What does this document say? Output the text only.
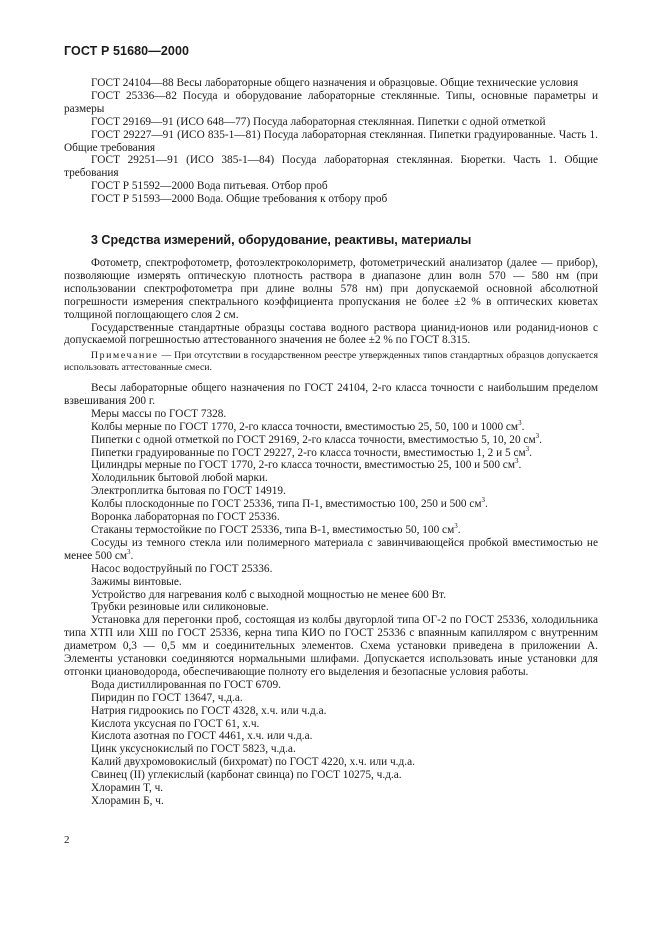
ГОСТ Р 51680—2000

ГОСТ 24104—88 Весы лабораторные общего назначения и образцовые. Общие технические условия

ГОСТ 25336—82 Посуда и оборудование лабораторные стеклянные. Типы, основные параметры и размеры

ГОСТ 29169—91 (ИСО 648—77) Посуда лабораторная стеклянная. Пипетки с одной отметкой

ГОСТ 29227—91 (ИСО 835-1—81) Посуда лабораторная стеклянная. Пипетки градуированные. Часть 1. Общие требования

ГОСТ 29251—91 (ИСО 385-1—84) Посуда лабораторная стеклянная. Бюретки. Часть 1. Общие требования

ГОСТ Р 51592—2000 Вода питьевая. Отбор проб

ГОСТ Р 51593—2000 Вода. Общие требования к отбору проб

3 Средства измерений, оборудование, реактивы, материалы

Фотометр, спектрофотометр, фотоэлектроколориметр, фотометрический анализатор (далее — прибор), позволяющие измерять оптическую плотность раствора в диапазоне длин волн 570 — 580 нм (при использовании спектрофотометра при длине волны 578 нм) при допускаемой основной абсолютной погрешности измерения спектрального коэффициента пропускания не более ±2 % в оптических кюветах толщиной поглощающего слоя 2 см.

Государственные стандартные образцы состава водного раствора цианид-ионов или роданид-ионов с допускаемой погрешностью аттестованного значения не более ±2 % по ГОСТ 8.315.

Примечание — При отсутствии в государственном реестре утвержденных типов стандартных образцов допускается использовать аттестованные смеси.

Весы лабораторные общего назначения по ГОСТ 24104, 2-го класса точности с наибольшим пределом взвешивания 200 г.

Меры массы по ГОСТ 7328.

Колбы мерные по ГОСТ 1770, 2-го класса точности, вместимостью 25, 50, 100 и 1000 $см^3$.

Пипетки с одной отметкой по ГОСТ 29169, 2-го класса точности, вместимостью 5, 10, 20 $см^3$.

Пипетки градуированные по ГОСТ 29227, 2-го класса точности, вместимостью 1, 2 и 5 $см^3$.

Цилиндры мерные по ГОСТ 1770, 2-го класса точности, вместимостью 25, 100 и 500 $см^3$.

Холодильник бытовой любой марки.

Электроплитка бытовая по ГОСТ 14919.

Колбы плоскодонные по ГОСТ 25336, типа П-1, вместимостью 100, 250 и 500 $см^3$.

Воронка лабораторная по ГОСТ 25336.

Стаканы термостойкие по ГОСТ 25336, типа В-1, вместимостью 50, 100 $см^3$.

Сосуды из темного стекла или полимерного материала с завинчивающейся пробкой вместимостью не менее 500 $см^3$.

Насос водоструйный по ГОСТ 25336.

Зажимы винтовые.

Устройство для нагревания колб с выходной мощностью не менее 600 Вт.

Трубки резиновые или силиконовые.

Установка для перегонки проб, состоящая из колбы двугорлой типа ОГ-2 по ГОСТ 25336, холодильника типа ХТП или ХШ по ГОСТ 25336, керна типа КИО по ГОСТ 25336 с впаянным капилляром с внутренним диаметром 0,3 — 0,5 мм и соединительных элементов. Схема установки приведена в приложении А. Элементы установки соединяются нормальными шлифами. Допускается использовать иные установки для отгонки циановодорода, обеспечивающие полноту его выделения и безопасные условия работы.

Вода дистиллированная по ГОСТ 6709.

Пиридин по ГОСТ 13647, ч.д.а.

Натрия гидроокись по ГОСТ 4328, х.ч. или ч.д.а.

Кислота уксусная по ГОСТ 61, х.ч.

Кислота азотная по ГОСТ 4461, х.ч. или ч.д.а.

Цинк уксуснокислый по ГОСТ 5823, ч.д.а.

Калий двухромовокислый (бихромат) по ГОСТ 4220, х.ч. или ч.д.а.

Свинец (II) углекислый (карбонат свинца) по ГОСТ 10275, ч.д.а.

Хлорамин Т, ч.

Хлорамин Б, ч.

2
